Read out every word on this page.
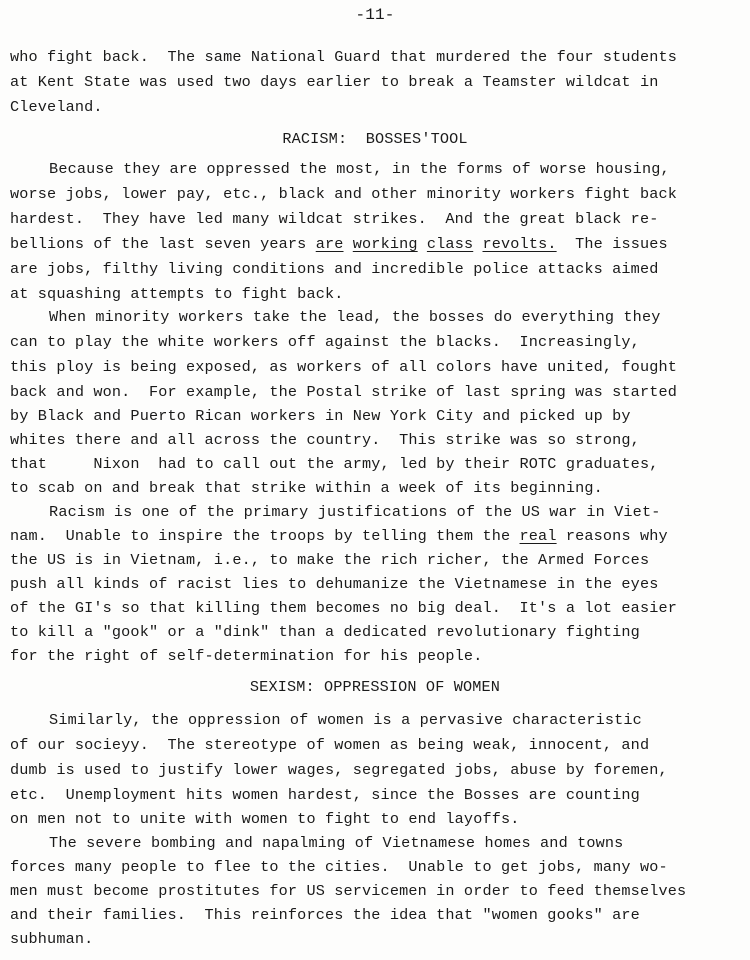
-11-
who fight back.  The same National Guard that murdered the four students
at Kent State was used two days earlier to break a Teamster wildcat in
Cleveland.
RACISM:  BOSSES'TOOL
Because they are oppressed the most, in the forms of worse housing,
worse jobs, lower pay, etc., black and other minority workers fight back
hardest.  They have led many wildcat strikes.  And the great black re-
bellions of the last seven years are working class revolts.  The issues
are jobs, filthy living conditions and incredible police attacks aimed
at squashing attempts to fight back.
When minority workers take the lead, the bosses do everything they
can to play the white workers off against the blacks.  Increasingly,
this ploy is being exposed, as workers of all colors have united, fought
back and won.  For example, the Postal strike of last spring was started
by Black and Puerto Rican workers in New York City and picked up by
whites there and all across the country.  This strike was so strong,
that     Nixon  had to call out the army, led by their ROTC graduates,
to scab on and break that strike within a week of its beginning.
Racism is one of the primary justifications of the US war in Viet-
nam.  Unable to inspire the troops by telling them the real reasons why
the US is in Vietnam, i.e., to make the rich richer, the Armed Forces
push all kinds of racist lies to dehumanize the Vietnamese in the eyes
of the GI's so that killing them becomes no big deal.  It's a lot easier
to kill a "gook" or a "dink" than a dedicated revolutionary fighting
for the right of self-determination for his people.
SEXISM: OPPRESSION OF WOMEN
Similarly, the oppression of women is a pervasive characteristic
of our socieyy.  The stereotype of women as being weak, innocent, and
dumb is used to justify lower wages, segregated jobs, abuse by foremen,
etc.  Unemployment hits women hardest, since the Bosses are counting
on men not to unite with women to fight to end layoffs.
The severe bombing and napalming of Vietnamese homes and towns
forces many people to flee to the cities.  Unable to get jobs, many wo-
men must become prostitutes for US servicemen in order to feed themselves
and their families.  This reinforces the idea that "women gooks" are
subhuman.
